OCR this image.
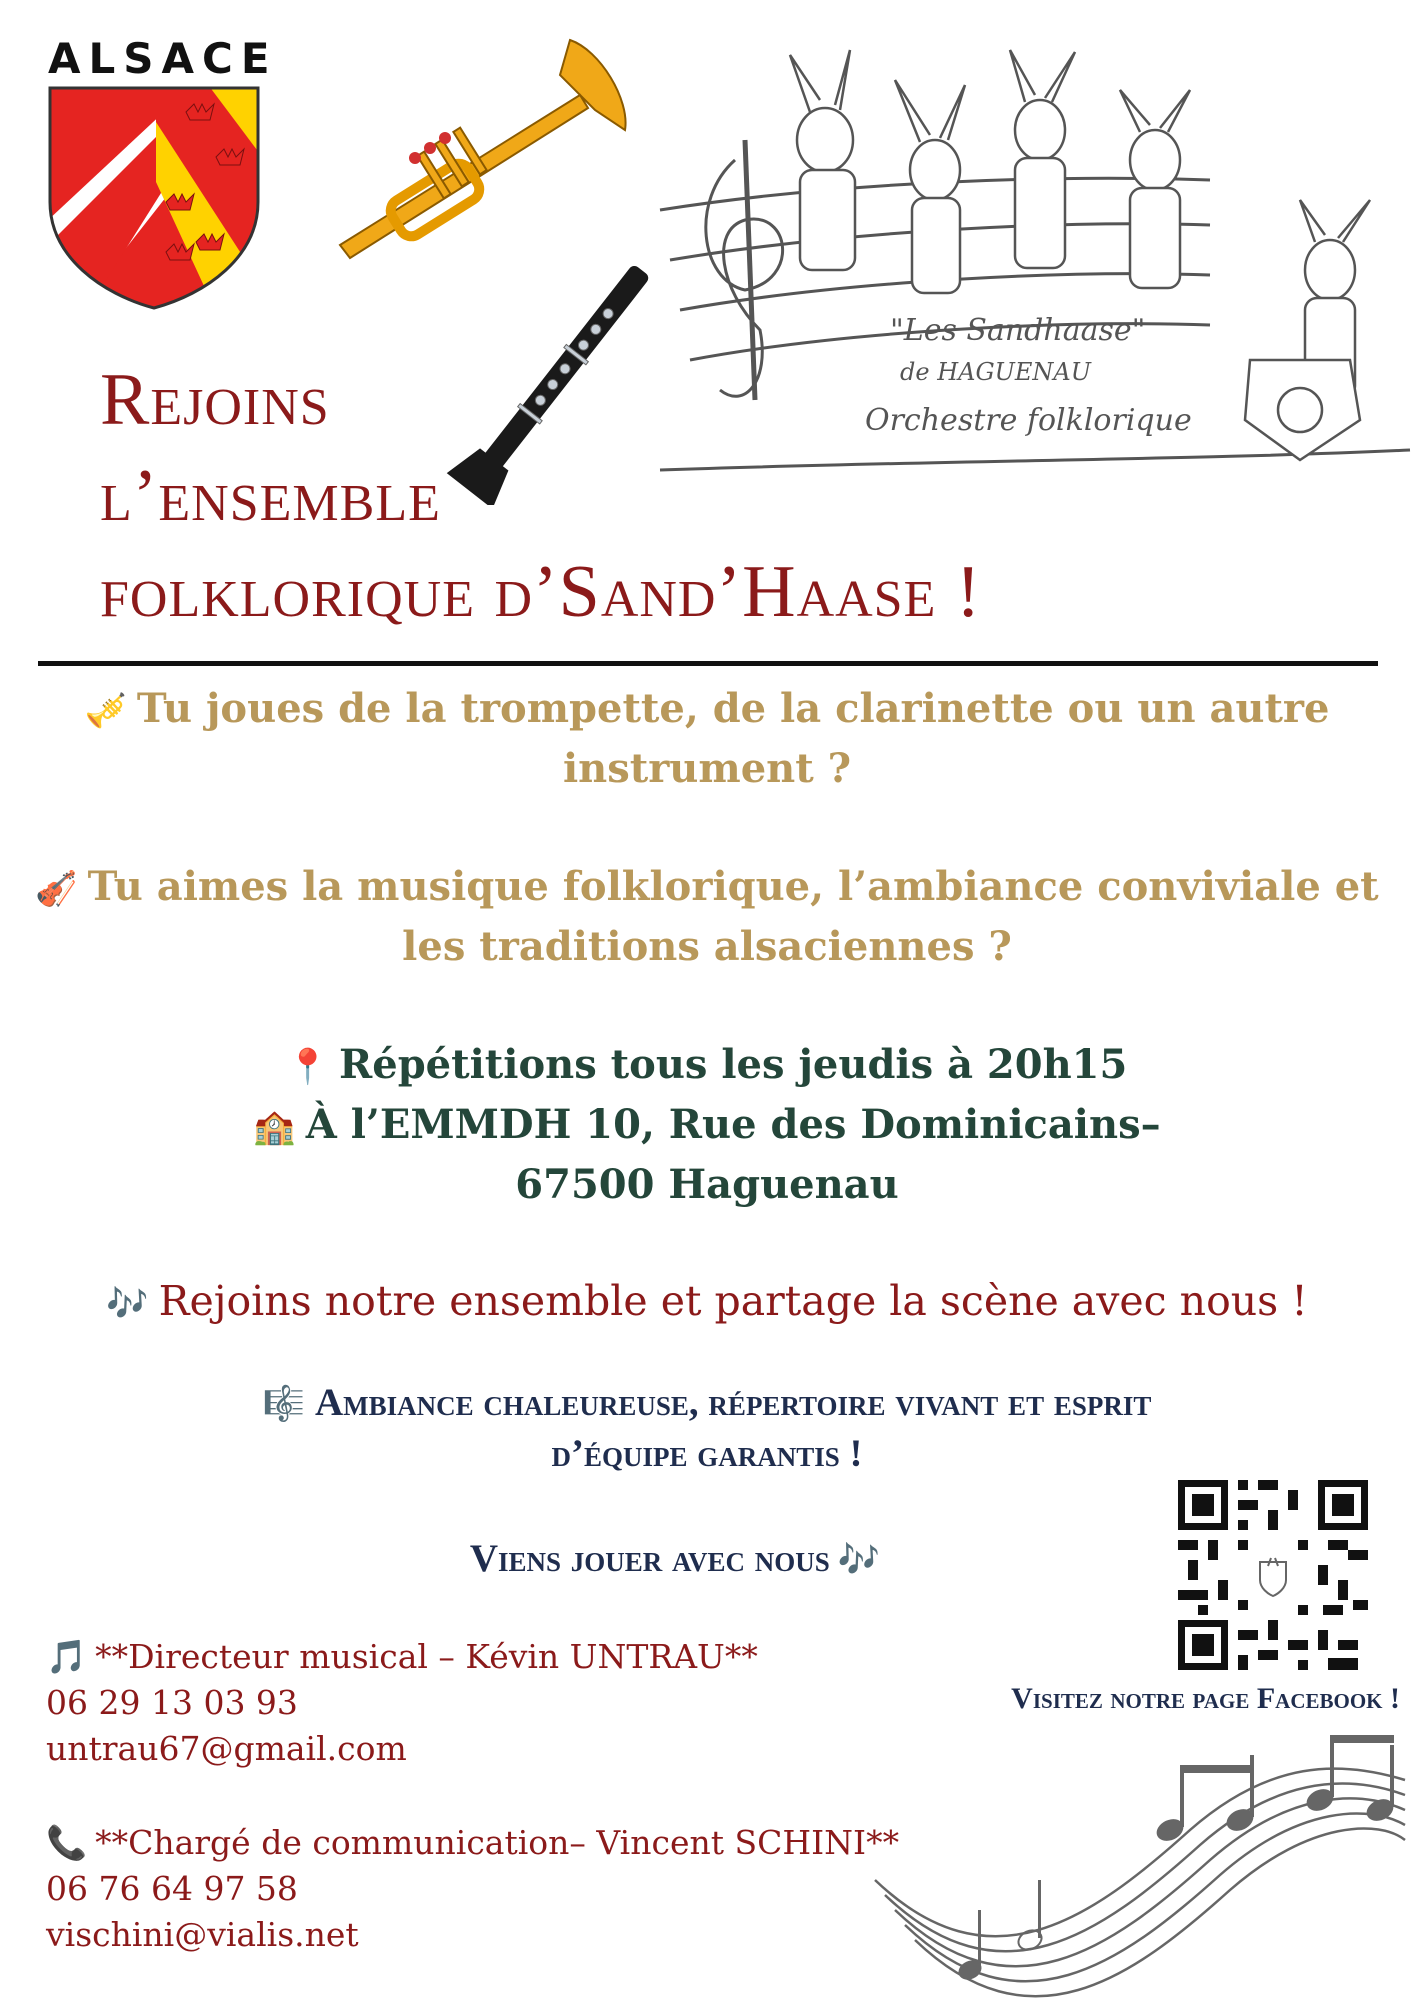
ALSACE
"Les Sandhaase"
de HAGUENAU
Orchestre folklorique
Rejoins
l’ensemble
folklorique d’Sand’Haase !
🎺 Tu joues de la trompette, de la clarinette ou un autre
instrument ?
🎻 Tu aimes la musique folklorique, l’ambiance conviviale et
les traditions alsaciennes ?
📍 Répétitions tous les jeudis à 20h15
🏫 À l’EMMDH 10, Rue des Dominicains–
67500 Haguenau
🎶 Rejoins notre ensemble et partage la scène avec nous !
🎼 Ambiance chaleureuse, répertoire vivant et esprit
d’équipe garantis !
Viens jouer avec nous 🎶
🎵 **Directeur musical – Kévin UNTRAU**
06 29 13 03 93
untrau67@gmail.com
📞 **Chargé de communication– Vincent SCHINI**
06 76 64 97 58
vischini@vialis.net
Visitez notre page Facebook !
